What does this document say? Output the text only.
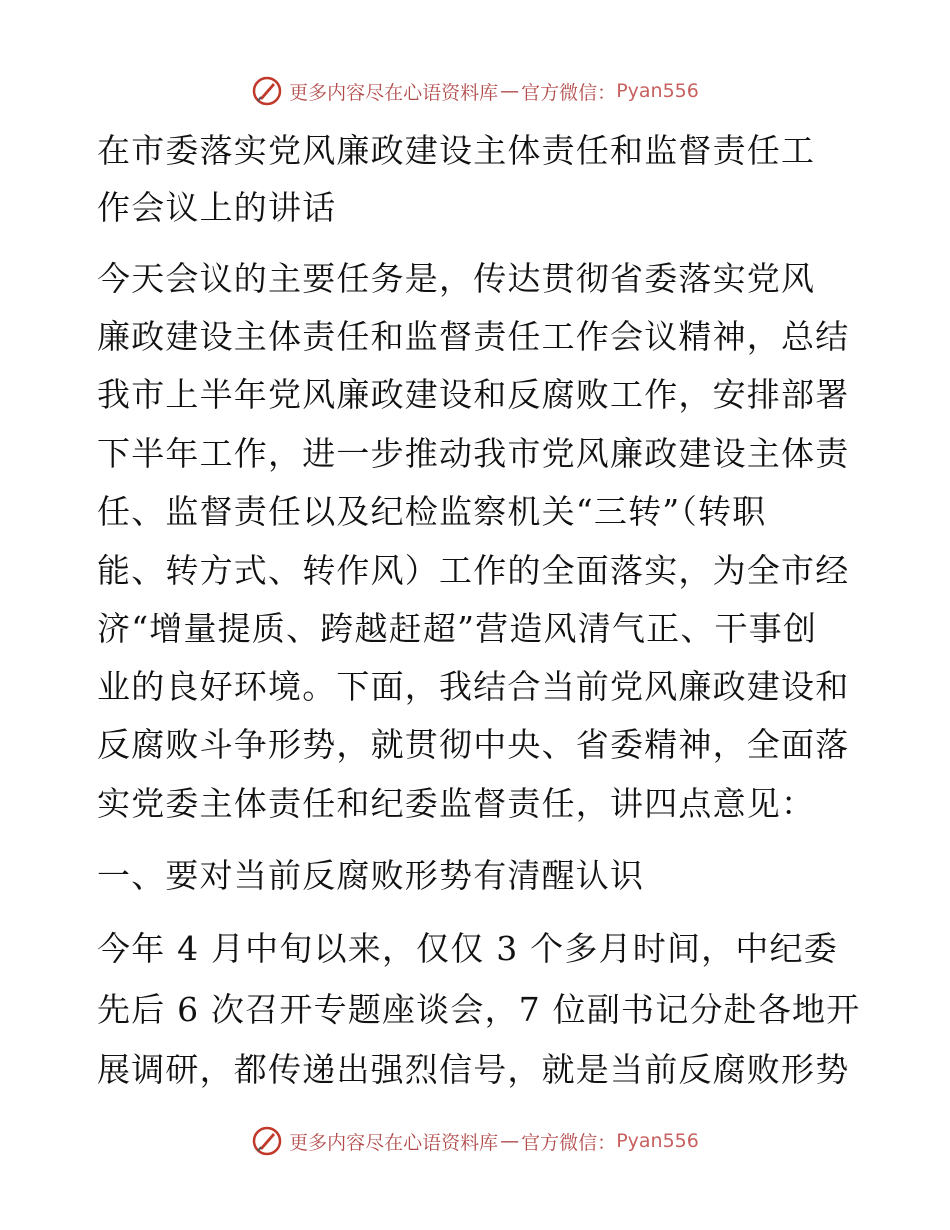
更多内容尽在心语资料库 — 官方微信： Pyan556
在市委落实党风廉政建设主体责任和监督责任工
作会议上的讲话
今天会议的主要任务是，传达贯彻省委落实党风
廉政建设主体责任和监督责任工作会议精神，总结
我市上半年党风廉政建设和反腐败工作，安排部署
下半年工作，进一步推动我市党风廉政建设主体责
任、监督责任以及纪检监察机关“三转”（转职
能、转方式、转作风）工作的全面落实，为全市经
济“增量提质、跨越赶超”营造风清气正、干事创
业的良好环境。下面，我结合当前党风廉政建设和
反腐败斗争形势，就贯彻中央、省委精神，全面落
实党委主体责任和纪委监督责任，讲四点意见：
一、要对当前反腐败形势有清醒认识
今年 4 月中旬以来，仅仅 3 个多月时间，中纪委
先后 6 次召开专题座谈会，7 位副书记分赴各地开
展调研，都传递出强烈信号，就是当前反腐败形势
更多内容尽在心语资料库 — 官方微信： Pyan556
